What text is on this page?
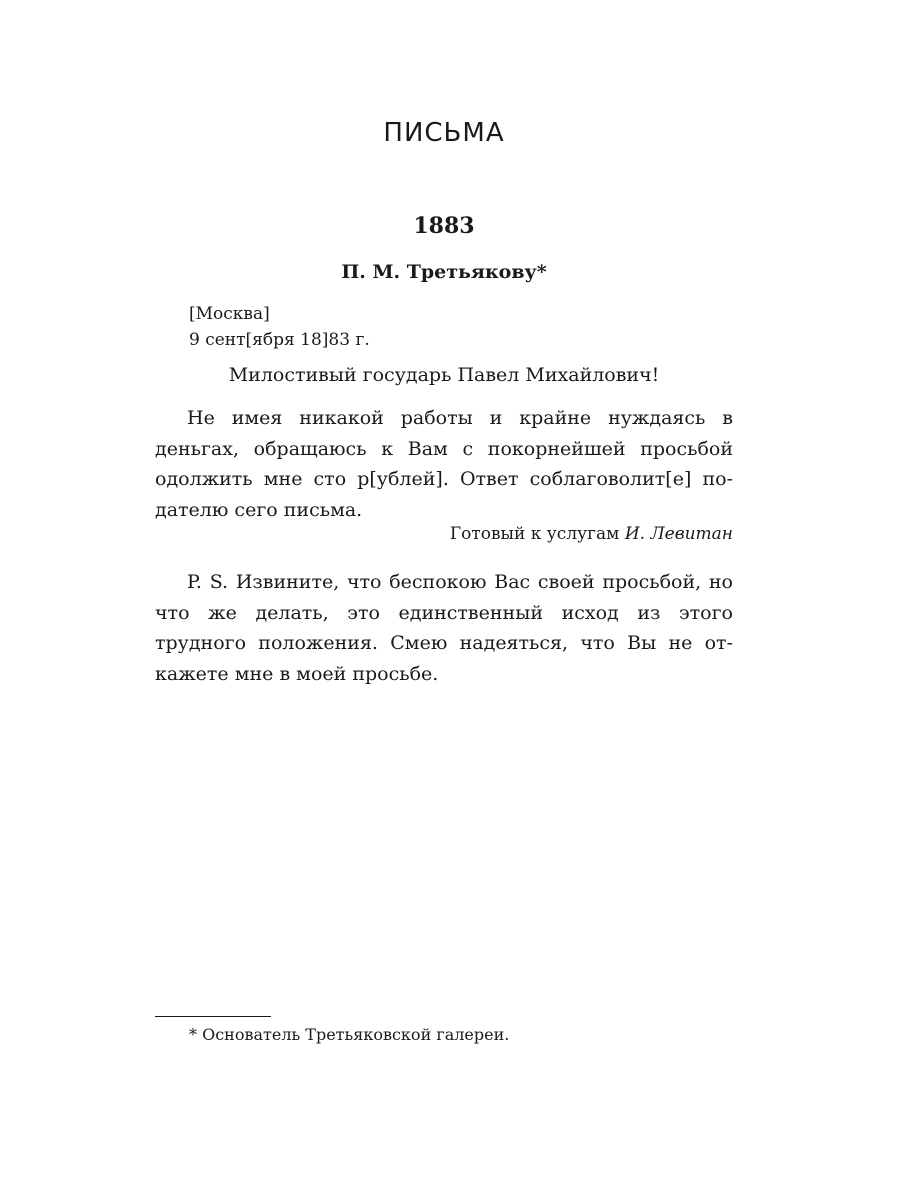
ПИСЬМА
1883
П. М. Третьякову*
[Москва]
9 сент[ября 18]83 г.
Милостивый государь Павел Михайлович!

Не имея никакой работы и крайне нуждаясь в деньгах, обращаюсь к Вам с покорнейшей просьбой одолжить мне сто р[ублей]. Ответ соблаговолит[е] подателю сего письма.

Готовый к услугам И. Левитан

P. S. Извините, что беспокою Вас своей просьбой, но что же делать, это единственный исход из этого трудного положения. Смею надеяться, что Вы не откажете мне в моей просьбе.

* Основатель Третьяковской галереи.
